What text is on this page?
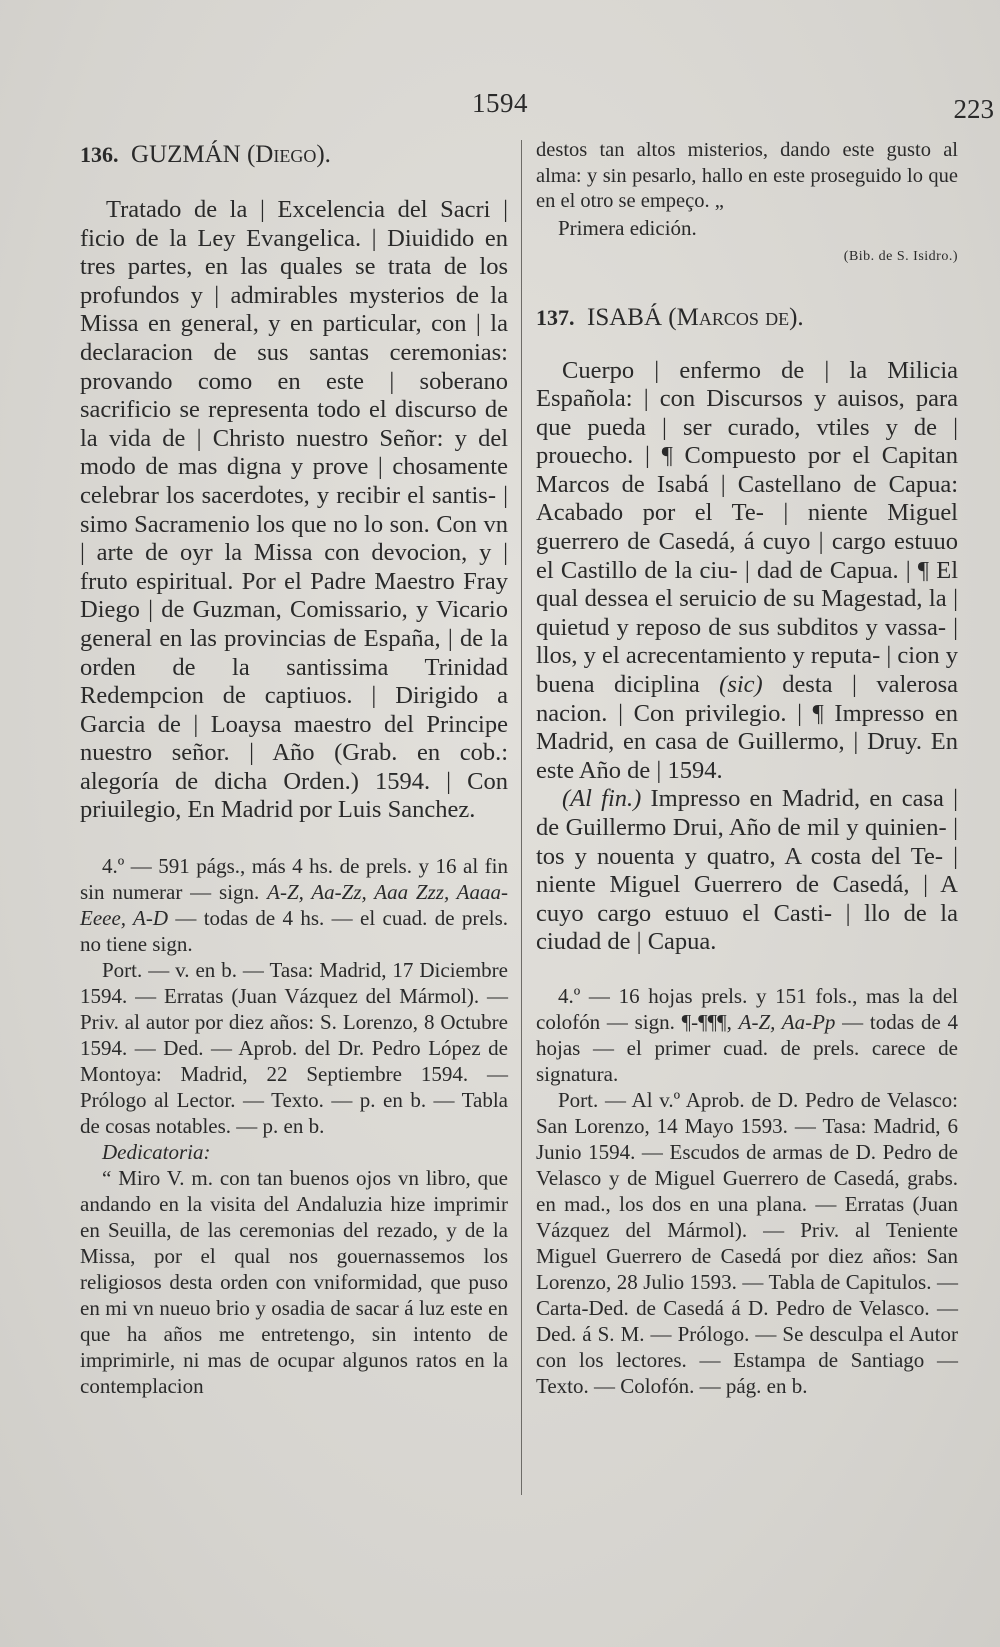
1594	223

136. GUZMÁN (Diego).

Tratado de la | Excelencia del Sacri | ficio de la Ley Evangelica. | Diuidido en tres partes, en las quales se trata de los profundos y | admirables mysterios de la Missa en general, y en particular, con | la declaracion de sus santas ceremonias: provando como en este | soberano sacrificio se representa todo el discurso de la vida de | Christo nuestro Señor: y del modo de mas digna y prove | chosamente celebrar los sacerdotes, y recibir el santis- | simo Sacramenio los que no lo son. Con vn | arte de oyr la Missa con devocion, y | fruto espiritual. Por el Padre Maestro Fray Diego | de Guzman, Comissario, y Vicario general en las provincias de España, | de la orden de la santissima Trinidad Redempcion de captiuos. | Dirigido a Garcia de | Loaysa maestro del Principe nuestro señor. | Año (Grab. en cob.: alegoría de dicha Orden.) 1594. | Con priuilegio, En Madrid por Luis Sanchez.

4.º — 591 págs., más 4 hs. de prels. y 16 al fin sin numerar — sign. A-Z, Aa-Zz, Aaa Zzz, Aaaa-Eeee, A-D — todas de 4 hs. — el cuad. de prels. no tiene sign.

Port. — v. en b. — Tasa: Madrid, 17 Diciembre 1594. — Erratas (Juan Vázquez del Mármol). — Priv. al autor por diez años: S. Lorenzo, 8 Octubre 1594. — Ded. — Aprob. del Dr. Pedro López de Montoya: Madrid, 22 Septiembre 1594. — Prólogo al Lector. — Texto. — p. en b. — Tabla de cosas notables. — p. en b.

Dedicatoria:

“ Miro V. m. con tan buenos ojos vn libro, que andando en la visita del Andaluzia hize imprimir en Seuilla, de las ceremonias del rezado, y de la Missa, por el qual nos gouernassemos los religiosos desta orden con vniformidad, que puso en mi vn nueuo brio y osadia de sacar á luz este en que ha años me entretengo, sin intento de imprimirle, ni mas de ocupar algunos ratos en la contemplacion

destos tan altos misterios, dando este gusto al alma: y sin pesarlo, hallo en este proseguido lo que en el otro se empeço. „

Primera edición.

(Bib. de S. Isidro.)

137. ISABÁ (Marcos de).

Cuerpo | enfermo de | la Milicia Española: | con Discursos y auisos, para que pueda | ser curado, vtiles y de | prouecho. | ¶ Compuesto por el Capitan Marcos de Isabá | Castellano de Capua: Acabado por el Te- | niente Miguel guerrero de Casedá, á cuyo | cargo estuuo el Castillo de la ciu- | dad de Capua. | ¶ El qual dessea el seruicio de su Magestad, la | quietud y reposo de sus subditos y vassa- | llos, y el acrecentamiento y reputa- | cion y buena diciplina (sic) desta | valerosa nacion. | Con privilegio. | ¶ Impresso en Madrid, en casa de Guillermo, | Druy. En este Año de | 1594.

(Al fin.) Impresso en Madrid, en casa | de Guillermo Drui, Año de mil y quinien- | tos y nouenta y quatro, A costa del Te- | niente Miguel Guerrero de Casedá, | A cuyo cargo estuuo el Casti- | llo de la ciudad de | Capua.

4.º — 16 hojas prels. y 151 fols., mas la del colofón — sign. ¶-¶¶¶, A-Z, Aa-Pp — todas de 4 hojas — el primer cuad. de prels. carece de signatura.

Port. — Al v.º Aprob. de D. Pedro de Velasco: San Lorenzo, 14 Mayo 1593. — Tasa: Madrid, 6 Junio 1594. — Escudos de armas de D. Pedro de Velasco y de Miguel Guerrero de Casedá, grabs. en mad., los dos en una plana. — Erratas (Juan Vázquez del Mármol). — Priv. al Teniente Miguel Guerrero de Casedá por diez años: San Lorenzo, 28 Julio 1593. — Tabla de Capitulos. — Carta-Ded. de Casedá á D. Pedro de Velasco. — Ded. á S. M. — Prólogo. — Se desculpa el Autor con los lectores. — Estampa de Santiago — Texto. — Colofón. — pág. en b.
